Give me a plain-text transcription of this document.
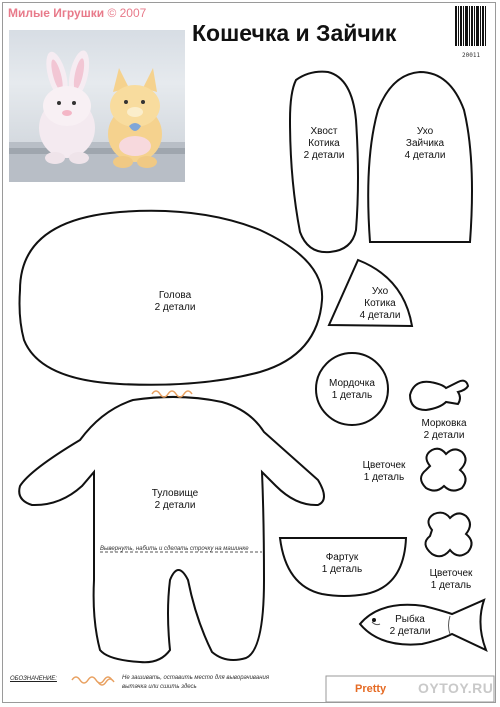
Милые Игрушки © 2007
Кошечка и Зайчик
20011
Хвост
Котика
2 детали
Ухо
Зайчика
4 детали
Голова
2 детали
Ухо
Котика
4 детали
Мордочка
1 деталь
Морковка
2 детали
Туловище
2 детали
Цветочек
1 деталь
Фартук
1 деталь	Цветочек
1 деталь
Рыбка
2 детали
Вывернуть, набить и сделать строчку на машинке
ОБОЗНАЧЕНИЕ:	Не зашивать, оставить место для выворачивания
вытачка или сшить здесь	Pretty OYTOY.RU
